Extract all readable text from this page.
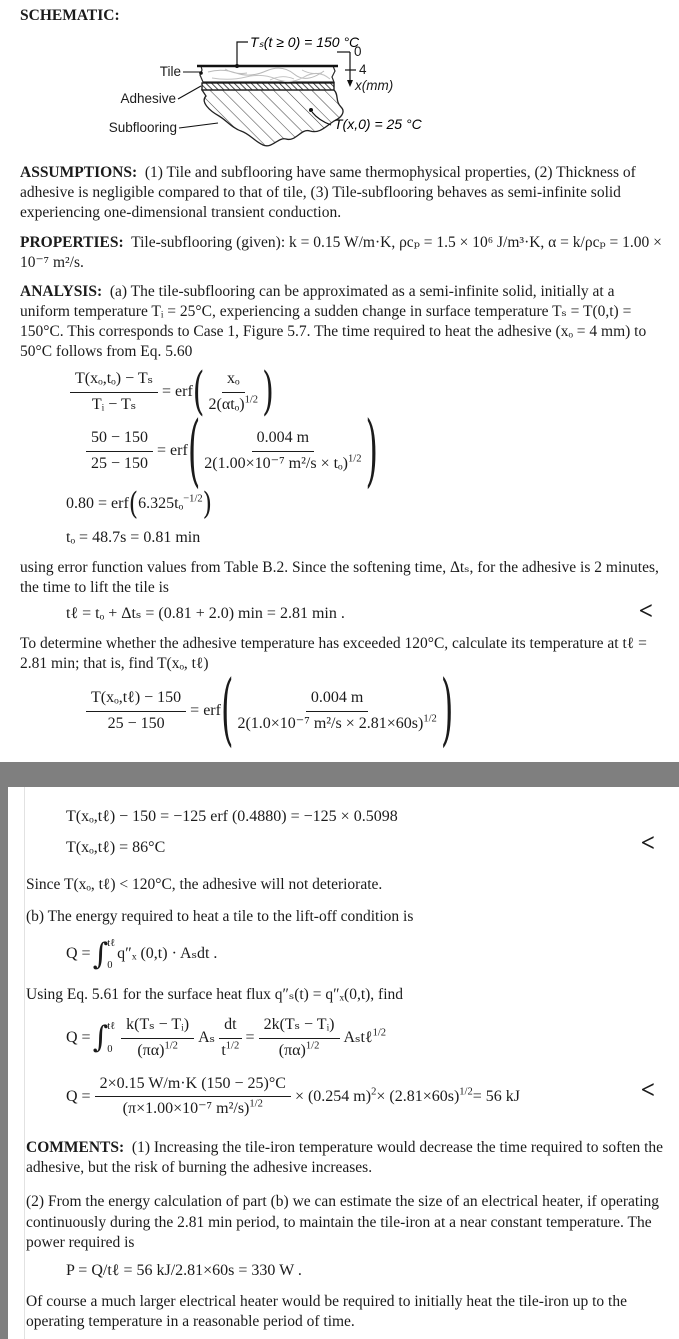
SCHEMATIC:

Tₛ(t ≥ 0) = 150 °C
Tile
Adhesive
Subflooring
0
4
x(mm)
T(x,0) = 25 °C

ASSUMPTIONS: (1) Tile and subflooring have same thermophysical properties, (2) Thickness of adhesive is negligible compared to that of tile, (3) Tile-subflooring behaves as semi-infinite solid experiencing one-dimensional transient conduction.

PROPERTIES: Tile-subflooring (given): k = 0.15 W/m·K, ρcₚ = 1.5 × 10⁶ J/m³·K, α = k/ρcₚ = 1.00 × 10⁻⁷ m²/s.

ANALYSIS: (a) The tile-subflooring can be approximated as a semi-infinite solid, initially at a uniform temperature Tᵢ = 25°C, experiencing a sudden change in surface temperature Tₛ = T(0,t) = 150°C. This corresponds to Case 1, Figure 5.7. The time required to heat the adhesive (xₒ = 4 mm) to 50°C follows from Eq. 5.60

$\frac{\text{T(xₒ,tₒ) − Tₛ}}{\text{Tᵢ − Tₛ}}$ = erf ( $\frac{\text{xₒ}}{2(\alpha t_o)^{1/2}}$ )
$\frac{50 - 150}{25 - 150}$ = erf ( $\frac{0.004 m}{2(1.00\times 10^{-7} m^2/s \times t_o)^{1/2}}$ )
0.80 = erf ( 6.325tₒ$^{-1/2}$ )
tₒ = 48.7s = 0.81 min

using error function values from Table B.2. Since the softening time, Δtₛ, for the adhesive is 2 minutes, the time to lift the tile is

tℓ = tₒ + Δtₛ = (0.81 + 2.0) min = 2.81 min .	<

To determine whether the adhesive temperature has exceeded 120°C, calculate its temperature at tℓ = 2.81 min; that is, find T(xₒ, tℓ)

$\frac{\text{T(xₒ,tℓ) − 150}}{25 - 150}$ = erf ( $\frac{0.004 m}{2(1.0\times 10^{-7} m^2/s \times 2.81\times 60s)^{1/2}}$ )
T(xₒ,tℓ) − 150 = −125 erf (0.4880) = −125 × 0.5098
T(xₒ,tℓ) = 86°C	<

Since T(xₒ, tℓ) < 120°C, the adhesive will not deteriorate.

(b) The energy required to heat a tile to the lift-off condition is

Q = ∫ tℓ
0
q″ₓ (0,t) · Aₛdt .

Using Eq. 5.61 for the surface heat flux q″ₛ(t) = q″ₓ(0,t), find

Q = ∫ tℓ
$0 \frac{\text{k(Tₛ − Tᵢ)}}{(\pi\alpha)^{1/2}}$ Aₛ $\frac{dt}{t^{1/2}} = \frac{\text{2k(Tₛ − Tᵢ)}}{(\pi\alpha)^{1/2}}$ Aₛtℓ$^{1/2}$
$Q = \frac{2\times 0.15 W/m\cdot K (150 - 25)^\circ C}{(\pi\times 1.00\times 10^{-7} m^2/s)^{1/2}} \times (0.254$ $m)^2 \times (2.81\times 60s)^{1/2} = 56$ kJ	<

COMMENTS: (1) Increasing the tile-iron temperature would decrease the time required to soften the adhesive, but the risk of burning the adhesive increases.

(2) From the energy calculation of part (b) we can estimate the size of an electrical heater, if operating continuously during the 2.81 min period, to maintain the tile-iron at a near constant temperature. The power required is

P = Q/tℓ = 56 kJ/2.81×60s = 330 W .

Of course a much larger electrical heater would be required to initially heat the tile-iron up to the operating temperature in a reasonable period of time.
